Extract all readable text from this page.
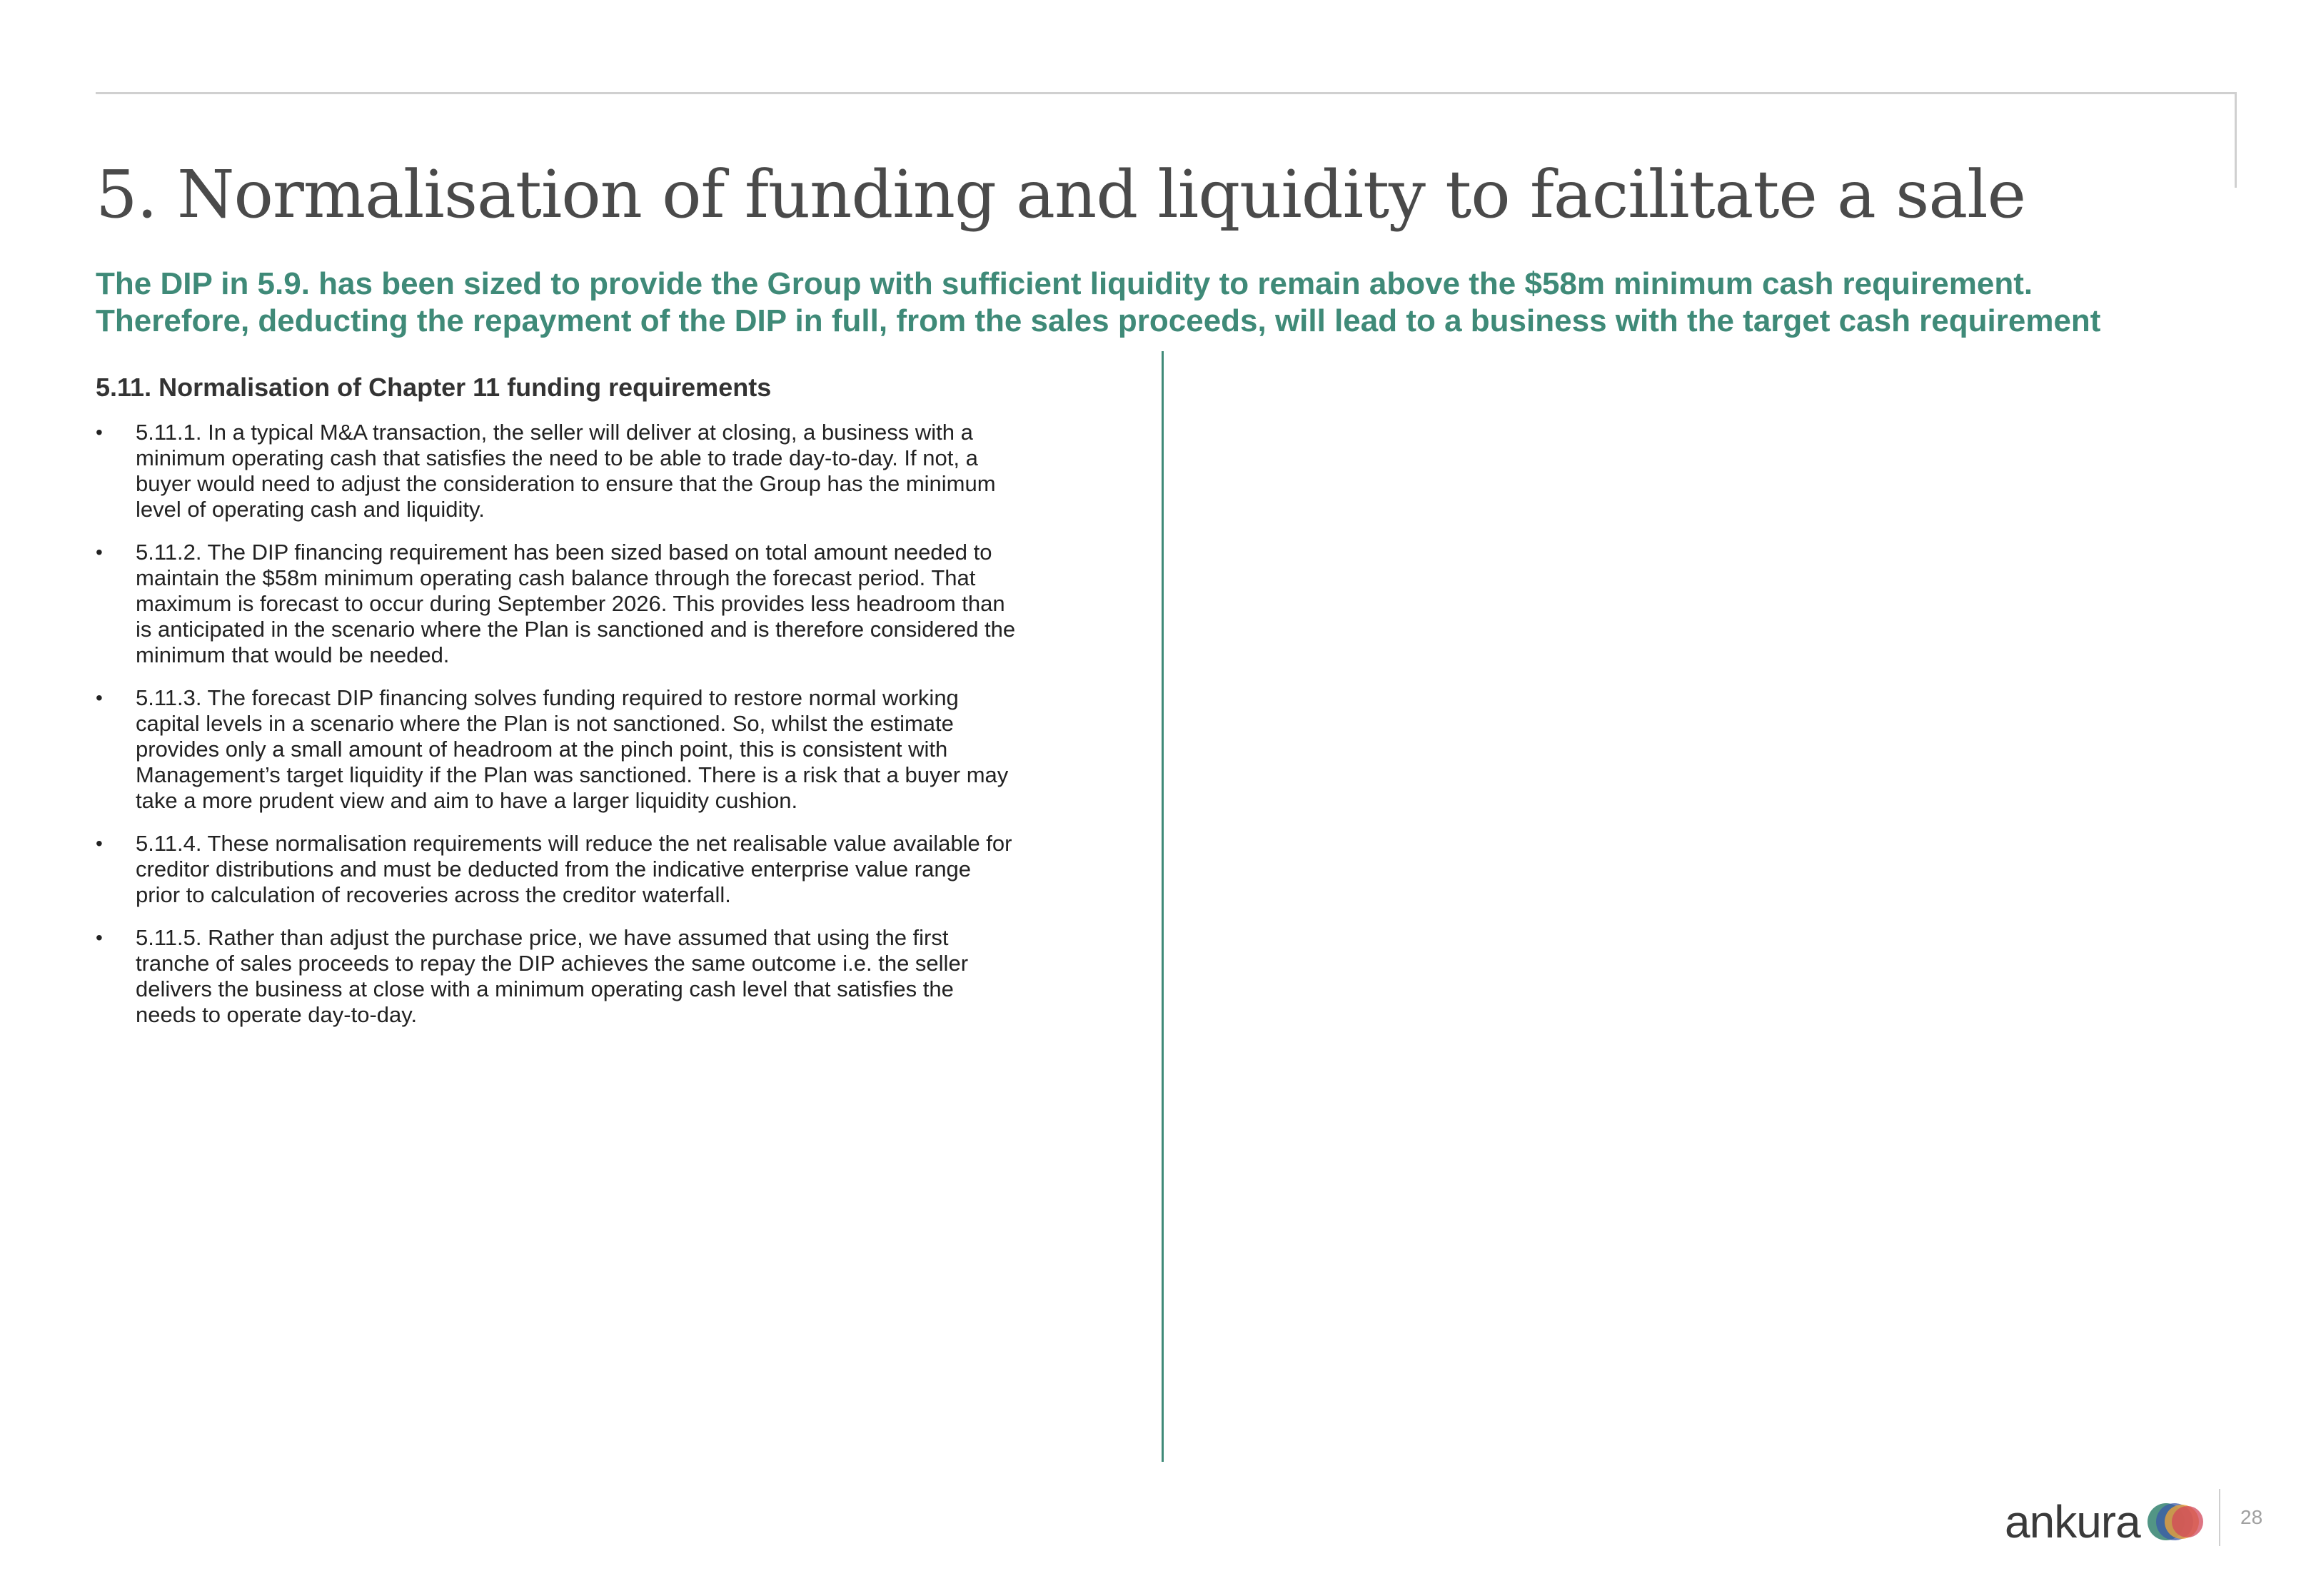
5. Normalisation of funding and liquidity to facilitate a sale
The DIP in 5.9. has been sized to provide the Group with sufficient liquidity to remain above the $58m minimum cash requirement.
Therefore, deducting the repayment of the DIP in full, from the sales proceeds, will lead to a business with the target cash requirement
5.11. Normalisation of Chapter 11 funding requirements
• 5.11.1. In a typical M&A transaction, the seller will deliver at closing, a business with a
minimum operating cash that satisfies the need to be able to trade day-to-day. If not, a
buyer would need to adjust the consideration to ensure that the Group has the minimum
level of operating cash and liquidity.
• 5.11.2. The DIP financing requirement has been sized based on total amount needed to
maintain the $58m minimum operating cash balance through the forecast period. That
maximum is forecast to occur during September 2026. This provides less headroom than
is anticipated in the scenario where the Plan is sanctioned and is therefore considered the
minimum that would be needed.
• 5.11.3. The forecast DIP financing solves funding required to restore normal working
capital levels in a scenario where the Plan is not sanctioned. So, whilst the estimate
provides only a small amount of headroom at the pinch point, this is consistent with
Management’s target liquidity if the Plan was sanctioned. There is a risk that a buyer may
take a more prudent view and aim to have a larger liquidity cushion.
• 5.11.4. These normalisation requirements will reduce the net realisable value available for
creditor distributions and must be deducted from the indicative enterprise value range
prior to calculation of recoveries across the creditor waterfall.
• 5.11.5. Rather than adjust the purchase price, we have assumed that using the first
tranche of sales proceeds to repay the DIP achieves the same outcome i.e. the seller
delivers the business at close with a minimum operating cash level that satisfies the
needs to operate day-to-day.
ankura	28
